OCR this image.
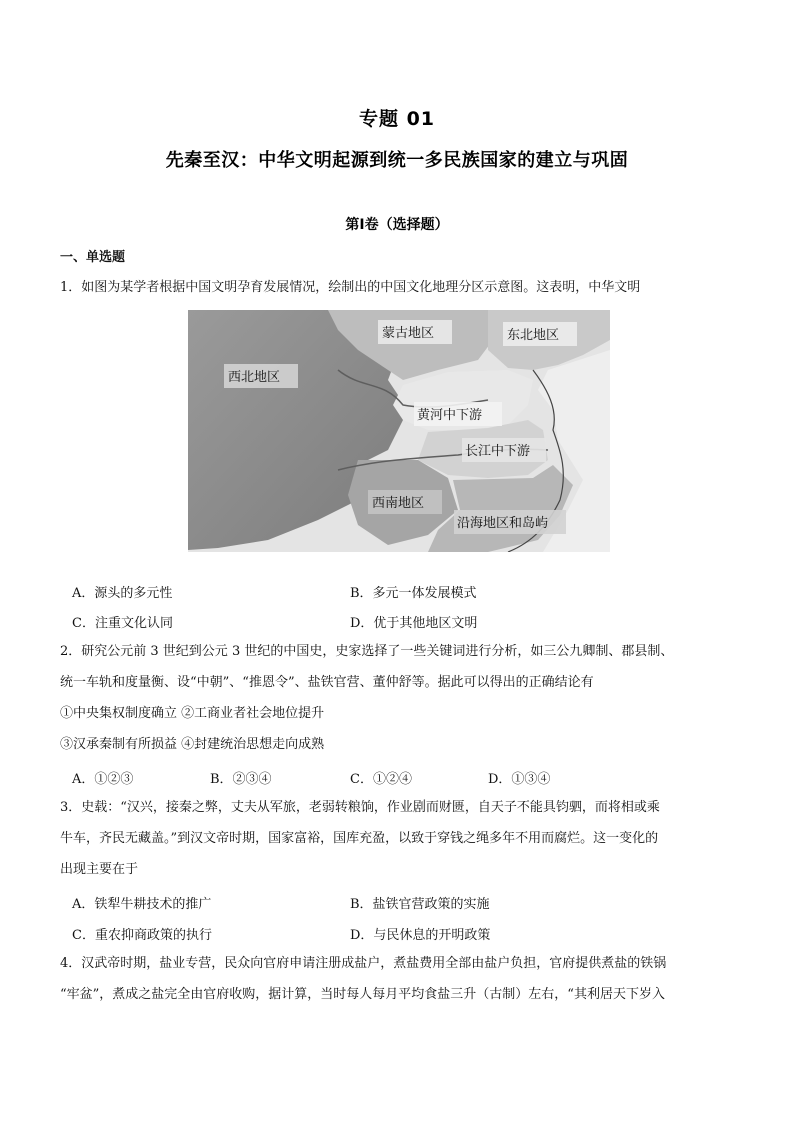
专题 01
先秦至汉：中华文明起源到统一多民族国家的建立与巩固
第Ⅰ卷（选择题）
一、单选题
1．如图为某学者根据中国文明孕育发展情况，绘制出的中国文化地理分区示意图。这表明，中华文明
蒙古地区	东北地区
西北地区
黄河中下游
长江中下游
西南地区
沿海地区和岛屿
A．源头的多元性	B．多元一体发展模式
C．注重文化认同	D．优于其他地区文明
2．研究公元前 3 世纪到公元 3 世纪的中国史，史家选择了一些关键词进行分析，如三公九卿制、郡县制、
统一车轨和度量衡、设“中朝”、“推恩令”、盐铁官营、董仲舒等。据此可以得出的正确结论有
①中央集权制度确立 ②工商业者社会地位提升
③汉承秦制有所损益 ④封建统治思想走向成熟
A．①②③	B．②③④	C．①②④	D．①③④
3．史载：“汉兴，接秦之弊，丈夫从军旅，老弱转粮饷，作业剧而财匮，自天子不能具钧驷，而将相或乘
牛车，齐民无藏盖。”到汉文帝时期，国家富裕，国库充盈，以致于穿钱之绳多年不用而腐烂。这一变化的
出现主要在于
A．铁犁牛耕技术的推广	B．盐铁官营政策的实施
C．重农抑商政策的执行	D．与民休息的开明政策
4．汉武帝时期，盐业专营，民众向官府申请注册成盐户，煮盐费用全部由盐户负担，官府提供煮盐的铁锅
“牢盆”，煮成之盐完全由官府收购，据计算，当时每人每月平均食盐三升（古制）左右，“其利居天下岁入
